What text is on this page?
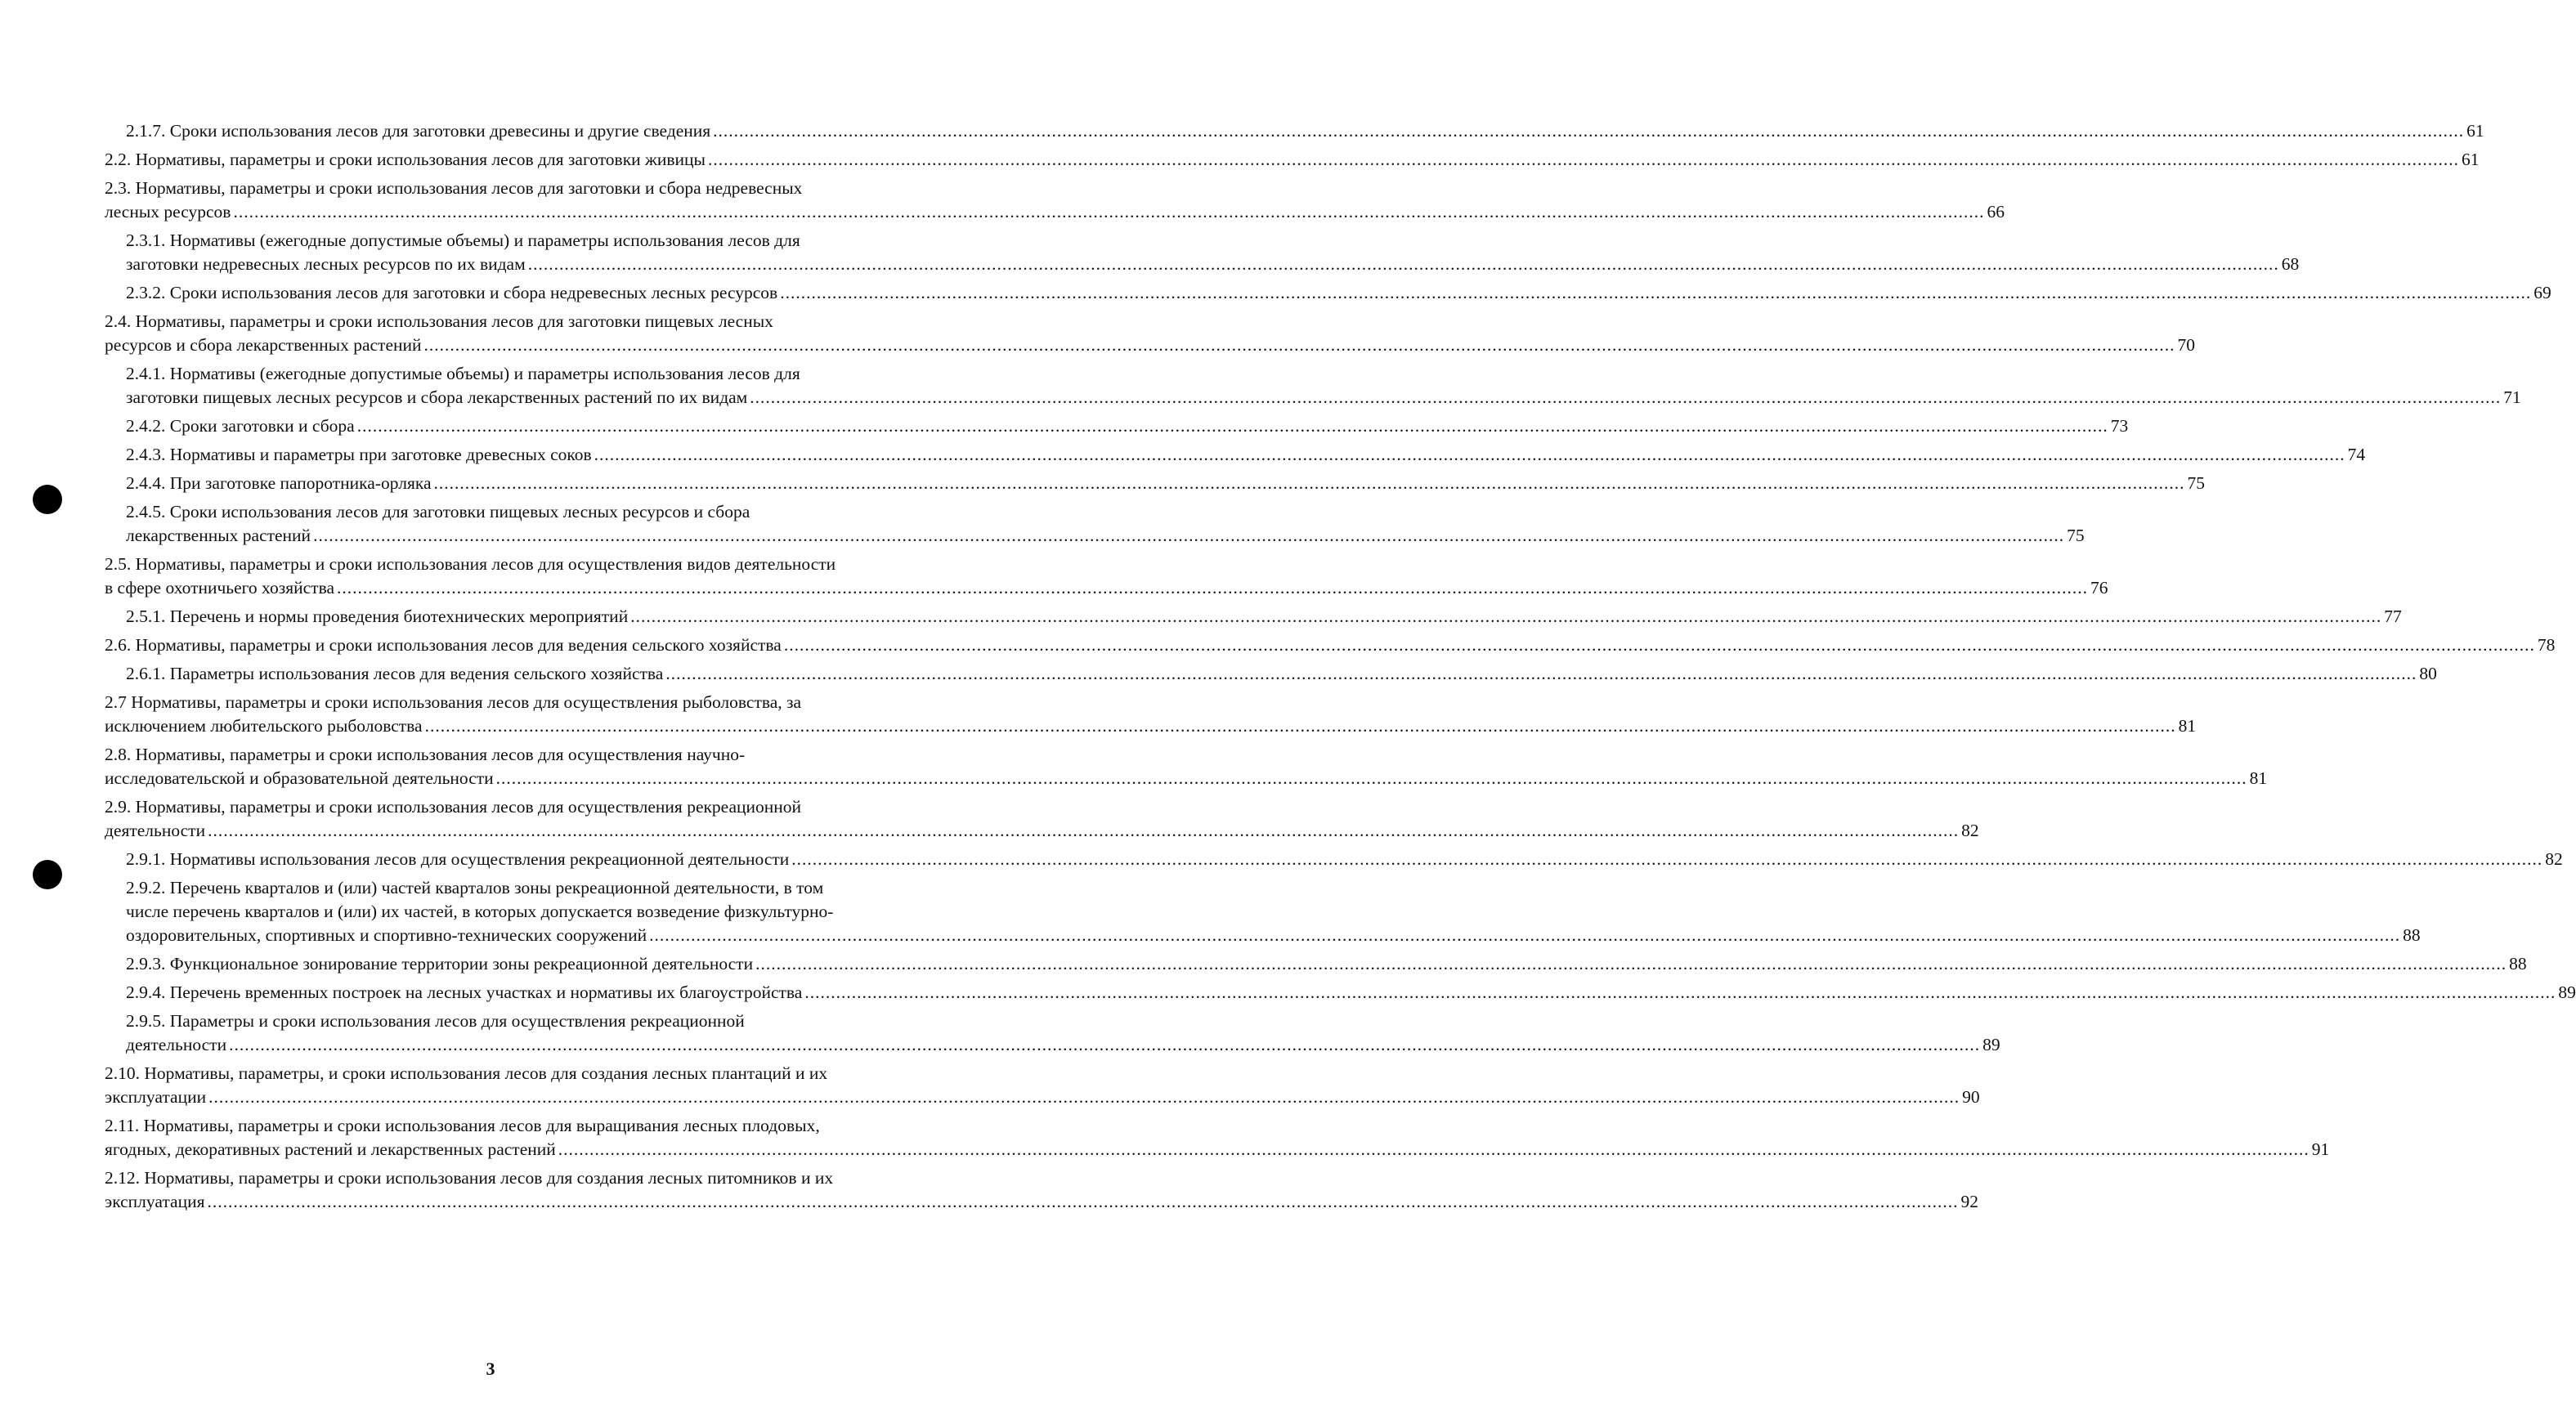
2.1.7. Сроки использования лесов для заготовки древесины и другие сведения .....	61
2.2. Нормативы, параметры и сроки использования лесов для заготовки живицы .....	61
2.3. Нормативы, параметры и сроки использования лесов для заготовки и сбора недревесных
лесных ресурсов .....	66
2.3.1. Нормативы (ежегодные допустимые объемы) и параметры использования лесов для
заготовки недревесных лесных ресурсов по их видам .....	68
2.3.2. Сроки использования лесов для заготовки и сбора недревесных лесных ресурсов .....	69
2.4. Нормативы, параметры и сроки использования лесов для заготовки пищевых лесных
ресурсов и сбора лекарственных растений .....	70
2.4.1. Нормативы (ежегодные допустимые объемы) и параметры использования лесов для
заготовки пищевых лесных ресурсов и сбора лекарственных растений по их видам .....	71
2.4.2. Сроки заготовки и сбора .....	73
2.4.3. Нормативы и параметры при заготовке древесных соков .....	74
2.4.4. При заготовке папоротника-орляка .....	75
2.4.5. Сроки использования лесов для заготовки пищевых лесных ресурсов и сбора
лекарственных растений .....	75
2.5. Нормативы, параметры и сроки использования лесов для осуществления видов деятельности
в сфере охотничьего хозяйства .....	76
2.5.1. Перечень и нормы проведения биотехнических мероприятий .....	77
2.6. Нормативы, параметры и сроки использования лесов для ведения сельского хозяйства .....	78
2.6.1. Параметры использования лесов для ведения сельского хозяйства .....	80
2.7 Нормативы, параметры и сроки использования лесов для осуществления рыболовства, за
исключением любительского рыболовства .....	81
2.8. Нормативы, параметры и сроки использования лесов для осуществления научно-
исследовательской и образовательной деятельности .....	81
2.9. Нормативы, параметры и сроки использования лесов для осуществления рекреационной
деятельности .....	82
2.9.1. Нормативы использования лесов для осуществления рекреационной деятельности .....	82
2.9.2. Перечень кварталов и (или) частей кварталов зоны рекреационной деятельности, в том
числе перечень кварталов и (или) их частей, в которых допускается возведение физкультурно-
оздоровительных, спортивных и спортивно-технических сооружений .....	88
2.9.3. Функциональное зонирование территории зоны рекреационной деятельности .....	88
2.9.4. Перечень временных построек на лесных участках и нормативы их благоустройства .....	89
2.9.5. Параметры и сроки использования лесов для осуществления рекреационной
деятельности .....	89
2.10. Нормативы, параметры, и сроки использования лесов для создания лесных плантаций и их
эксплуатации .....	90
2.11. Нормативы, параметры и сроки использования лесов для выращивания лесных плодовых,
ягодных, декоративных растений и лекарственных растений .....	91
2.12. Нормативы, параметры и сроки использования лесов для создания лесных питомников и их
эксплуатация .....	92
3
